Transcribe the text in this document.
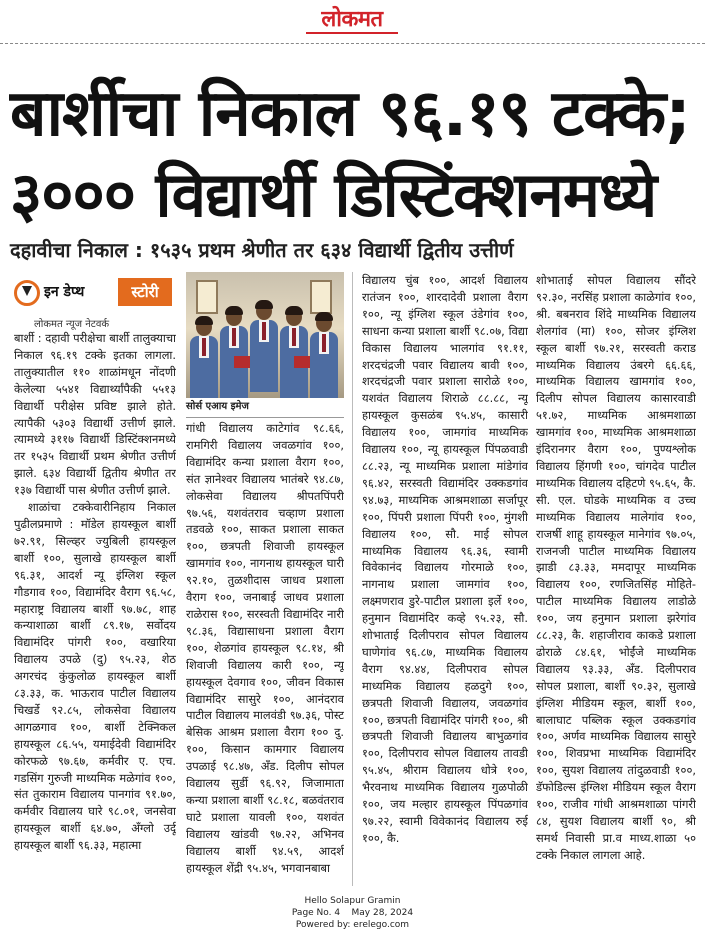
लोकमत
बार्शीचा निकाल ९६.१९ टक्के;
३००० विद्यार्थी डिस्टिंक्शनमध्ये
दहावीचा निकाल : १५३५ प्रथम श्रेणीत तर ६३४ विद्यार्थी द्वितीय उत्तीर्ण
इन डेप्थ	स्टोरी
लोकमत न्यूज नेटवर्क

बार्शी : दहावी परीक्षेचा बार्शी तालुक्याचा निकाल ९६.१९ टक्के इतका लागला. तालुक्यातील ११० शाळांमधून नोंदणी केलेल्या ५५४१ विद्यार्थ्यांपैकी ५५१३ विद्यार्थी परीक्षेस प्रविष्ट झाले होते. त्यापैकी ५३०३ विद्यार्थी उत्तीर्ण झाले. त्यामध्ये ३११७ विद्यार्थी डिस्टिंक्शनमध्ये तर १५३५ विद्यार्थी प्रथम श्रेणीत उत्तीर्ण झाले. ६३४ विद्यार्थी द्वितीय श्रेणीत तर १३७ विद्यार्थी पास श्रेणीत उत्तीर्ण झाले.

शाळांचा टक्केवारीनिहाय निकाल पुढीलप्रमाणे : मॉडेल हायस्कूल बार्शी ७२.९१, सिल्व्हर ज्युबिली हायस्कूल बार्शी १००, सुलाखे हायस्कूल बार्शी ९६.३१, आदर्श न्यू इंग्लिश स्कूल गौडगाव १००, विद्यामंदिर वैराग ९६.५८, महाराष्ट्र विद्यालय बार्शी ९७.७८, शाह कन्याशाळा बार्शी ८९.१७, सर्वोदय विद्यामंदिर पांगरी १००, वखारिया विद्यालय उपळे (दु) ९५.२३, शेठ अगरचंद कुंकुलोळ हायस्कूल बार्शी ८३.३३, क. भाऊराव पाटील विद्यालय चिखर्डे ९२.८५, लोकसेवा विद्यालय आगळगाव १००, बार्शी टेक्निकल हायस्कूल ८६.५५, यमाईदेवी विद्यामंदिर कोरफळे ९७.६७, कर्मवीर ए. एच. गडसिंग गुरुजी माध्यमिक मळेगांव १००, संत तुकाराम विद्यालय पानगांव ९१.७०, कर्मवीर विद्यालय घारे ९८.०१, जनसेवा हायस्कूल बार्शी ६४.७०, अँग्लो उर्दू हायस्कूल बार्शी ९६.३३, महात्मा

सोर्स एआय इमेज

गांधी विद्यालय काटेगांव ९८.६६, रामगिरी विद्यालय जवळगांव १००, विद्यामंदिर कन्या प्रशाला वैराग १००, संत ज्ञानेश्वर विद्यालय भातंबरे ९४.८७, लोकसेवा विद्यालय श्रीपतपिंपरी ९७.५६, यशवंतराव चव्हाण प्रशाला तडवळे १००, साकत प्रशाला साकत १००, छत्रपती शिवाजी हायस्कूल खामगांव १००, नागनाथ हायस्कूल घारी ९२.१०, तुळशीदास जाधव प्रशाला वैराग १००, जनाबाई जाधव प्रशाला राळेरास १००, सरस्वती विद्यामंदिर नारी ९८.३६, विद्यासाधना प्रशाला वैराग १००, शेळगांव हायस्कूल ९८.१४, श्री शिवाजी विद्यालय कारी १००, न्यू हायस्कूल देवगाव १००, जीवन विकास विद्यामंदिर सासुरे १००, आनंदराव पाटील विद्यालय मालवंडी ९७.३६, पोस्ट बेसिक आश्रम प्रशाला वैराग १०० दु. १००, किसान कामगार विद्यालय उपळाई ९८.४७, अँड. दिलीप सोपल विद्यालय सुर्डी ९६.९२, जिजामाता कन्या प्रशाला बार्शी ९८.१८, बळवंतराव घाटे प्रशाला यावली १००, यशवंत विद्यालय खांडवी ९७.२२, अभिनव विद्यालय बार्शी ९४.५९, आदर्श हायस्कूल शेंद्री ९५.४५, भगवानबाबा

विद्यालय चुंब १००, आदर्श विद्यालय रातंजन १००, शारदादेवी प्रशाला वैराग १००, न्यू इंग्लिश स्कूल उंडेगांव १००, साधना कन्या प्रशाला बार्शी ९८.०७, विद्या विकास विद्यालय भालगांव ९१.११, शरदचंद्रजी पवार विद्यालय बावी १००, शरदचंद्रजी पवार प्रशाला सारोळे १००, यशवंत विद्यालय शिराळे ८८.८८, न्यू हायस्कूल कुसळंब ९५.४५, कासारी विद्यालय १००, जामगांव माध्यमिक विद्यालय १००, न्यू हायस्कूल पिंपळवाडी ८८.२३, न्यू माध्यमिक प्रशाला मांडेगांव ९६.४२, सरस्वती विद्यामंदिर उक्कडगांव ९४.७३, माध्यमिक आश्रमशाळा सर्जापूर १००, पिंपरी प्रशाला पिंपरी १००, मुंगशी विद्यालय १००, सौ. माई सोपल माध्यमिक विद्यालय ९६.३६, स्वामी विवेकानंद विद्यालय गोरमाळे १००, नागनाथ प्रशाला जामगांव १००, लक्ष्मणराव डुरे-पाटील प्रशाला इर्ले १००, हनुमान विद्यामंदिर कव्हे ९५.२३, सौ. शोभाताई दिलीपराव सोपल विद्यालय घाणेगांव ९६.८७, माध्यमिक विद्यालय वैराग ९४.४४, दिलीपराव सोपल माध्यमिक विद्यालय हळदुगे १००, छत्रपती शिवाजी विद्यालय, जवळगांव १००, छत्रपती विद्यामंदिर पांगरी १००, श्री छत्रपती शिवाजी विद्यालय बाभुळगांव १००, दिलीपराव सोपल विद्यालय तावडी ९५.४५, श्रीराम विद्यालय धोत्रे १००, भैरवनाथ माध्यमिक विद्यालय गुळपोळी १००, जय मल्हार हायस्कूल पिंपळगांव ९७.२२, स्वामी विवेकानंद विद्यालय रुई १००, कै.

शोभाताई सोपल विद्यालय सौंदरे ९२.३०, नरसिंह प्रशाला काळेगांव १००, श्री. बबनराव शिंदे माध्यमिक विद्यालय शेलगांव (मा) १००, सोजर इंग्लिश स्कूल बार्शी ९७.२१, सरस्वती कराड माध्यमिक विद्यालय उंबरगे ६६.६६, माध्यमिक विद्यालय खामगांव १००, दिलीप सोपल विद्यालय कासारवाडी ५१.७२, माध्यमिक आश्रमशाळा खामगांव १००, माध्यमिक आश्रमशाळा इंदिरानगर वैराग १००, पुण्यश्लोक विद्यालय हिंगणी १००, चांगदेव पाटील माध्यमिक विद्यालय दहिटणे ९५.६५, कै. सी. एल. घोडके माध्यमिक व उच्च माध्यमिक विद्यालय मालेगांव १००, राजर्षी शाहू हायस्कूल मानेगांव ९७.०५, राजनजी पाटील माध्यमिक विद्यालय झाडी ८३.३३, ममदापूर माध्यमिक विद्यालय १००, रणजितसिंह मोहिते-पाटील माध्यमिक विद्यालय लाडोळे १००, जय हनुमान प्रशाला झरेगांव ८८.२३, कै. शहाजीराव काकडे प्रशाला ढोराळे ८४.६१, भोईंजे माध्यमिक विद्यालय ९३.३३, अँड. दिलीपराव सोपल प्रशाला, बार्शी ९०.३२, सुलाखे इंग्लिश मीडियम स्कूल, बार्शी १००, बालाघाट पब्लिक स्कूल उक्कडगांव १००, अर्णव माध्यमिक विद्यालय सासुरे १००, शिवप्रभा माध्यमिक विद्यामंदिर १००, सुयश विद्यालय तांदुळवाडी १००, डॅफोडिल्स इंग्लिश मीडियम स्कूल वैराग १००, राजीव गांधी आश्रमशाळा पांगरी ८४, सुयश विद्यालय बार्शी ९०, श्री समर्थ निवासी प्रा.व माध्य.शाळा ५० टक्के निकाल लागला आहे.

Hello Solapur Gramin
Page No. 4    May 28, 2024
Powered by: erelego.com
